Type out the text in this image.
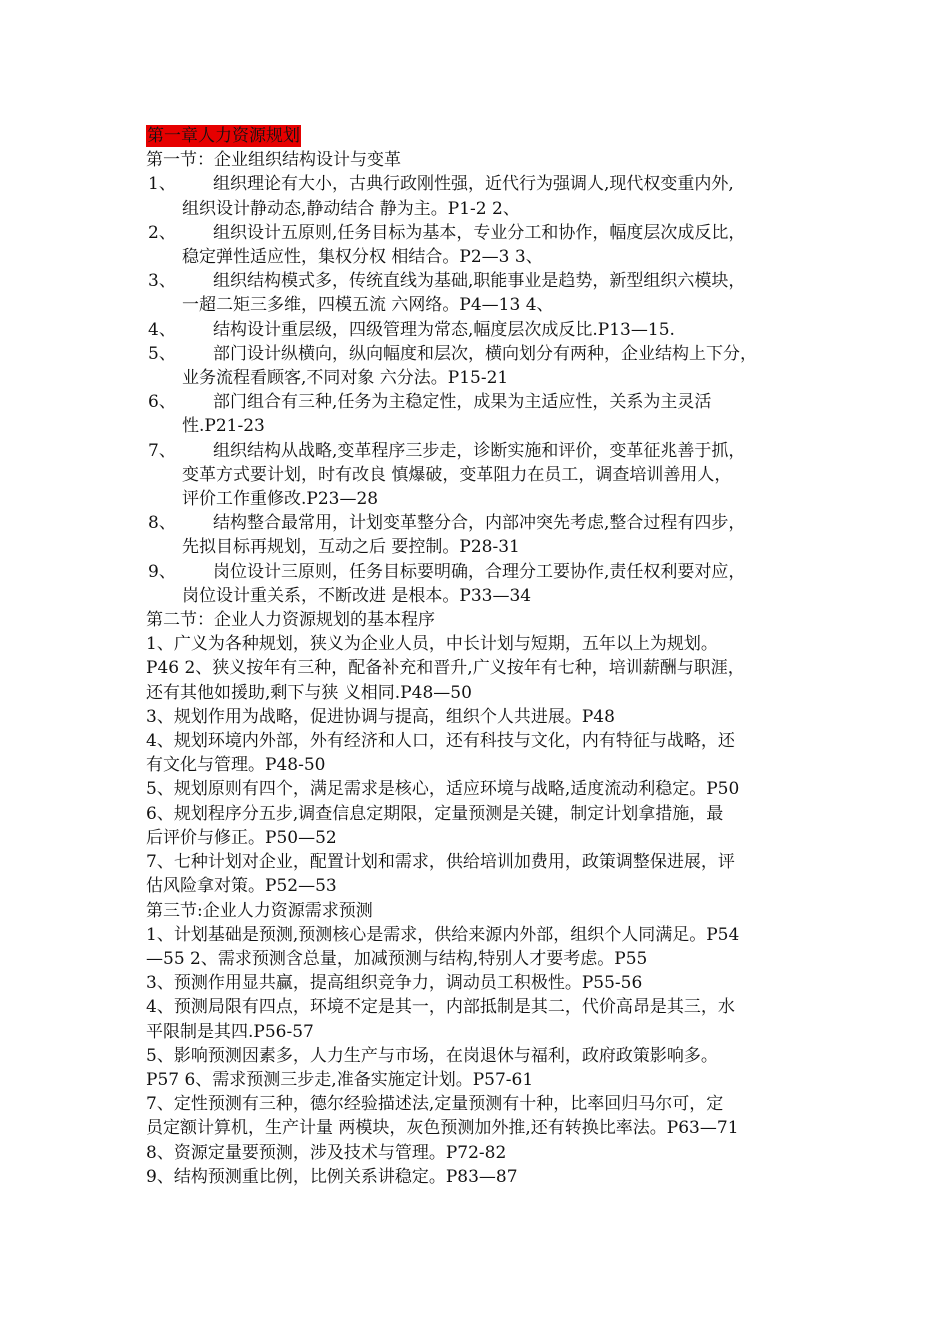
第一章人力资源规划
第一节：企业组织结构设计与变革
1、	组织理论有大小，古典行政刚性强，近代行为强调人,现代权变重内外,
组织设计静动态,静动结合 静为主。P1-2 2、
2、	组织设计五原则,任务目标为基本，专业分工和协作，幅度层次成反比，
稳定弹性适应性，集权分权 相结合。P2—3 3、
3、	组织结构模式多，传统直线为基础,职能事业是趋势，新型组织六模块，
一超二矩三多维，四模五流 六网络。P4—13 4、
4、	结构设计重层级，四级管理为常态,幅度层次成反比.P13—15.
5、	部门设计纵横向，纵向幅度和层次，横向划分有两种，企业结构上下分，
业务流程看顾客,不同对象 六分法。P15-21
6、	部门组合有三种,任务为主稳定性，成果为主适应性，关系为主灵活
性.P21-23
7、	组织结构从战略,变革程序三步走，诊断实施和评价，变革征兆善于抓，
变革方式要计划，时有改良 慎爆破，变革阻力在员工，调查培训善用人，
评价工作重修改.P23—28
8、	结构整合最常用，计划变革整分合，内部冲突先考虑,整合过程有四步，
先拟目标再规划，互动之后 要控制。P28-31
9、	岗位设计三原则，任务目标要明确，合理分工要协作,责任权利要对应，
岗位设计重关系，不断改进 是根本。P33—34
第二节：企业人力资源规划的基本程序
1、广义为各种规划，狭义为企业人员，中长计划与短期，五年以上为规划。
P46 2、狭义按年有三种，配备补充和晋升,广义按年有七种，培训薪酬与职涯，
还有其他如援助,剩下与狭 义相同.P48—50
3、规划作用为战略，促进协调与提高，组织个人共进展。P48
4、规划环境内外部，外有经济和人口，还有科技与文化，内有特征与战略，还
有文化与管理。P48-50
5、规划原则有四个，满足需求是核心，适应环境与战略,适度流动利稳定。P50
6、规划程序分五步,调查信息定期限，定量预测是关键，制定计划拿措施，最
后评价与修正。P50—52
7、七种计划对企业，配置计划和需求，供给培训加费用，政策调整保进展，评
估风险拿对策。P52—53
第三节:企业人力资源需求预测
1、计划基础是预测,预测核心是需求，供给来源内外部，组织个人同满足。P54
—55 2、需求预测含总量，加减预测与结构,特别人才要考虑。P55
3、预测作用显共赢，提高组织竞争力，调动员工积极性。P55-56
4、预测局限有四点，环境不定是其一，内部抵制是其二，代价高昂是其三，水
平限制是其四.P56-57
5、影响预测因素多，人力生产与市场，在岗退休与福利，政府政策影响多。
P57 6、需求预测三步走,准备实施定计划。P57-61
7、定性预测有三种，德尔经验描述法,定量预测有十种，比率回归马尔可，定
员定额计算机，生产计量 两模块，灰色预测加外推,还有转换比率法。P63—71
8、资源定量要预测，涉及技术与管理。P72-82
9、结构预测重比例，比例关系讲稳定。P83—87
